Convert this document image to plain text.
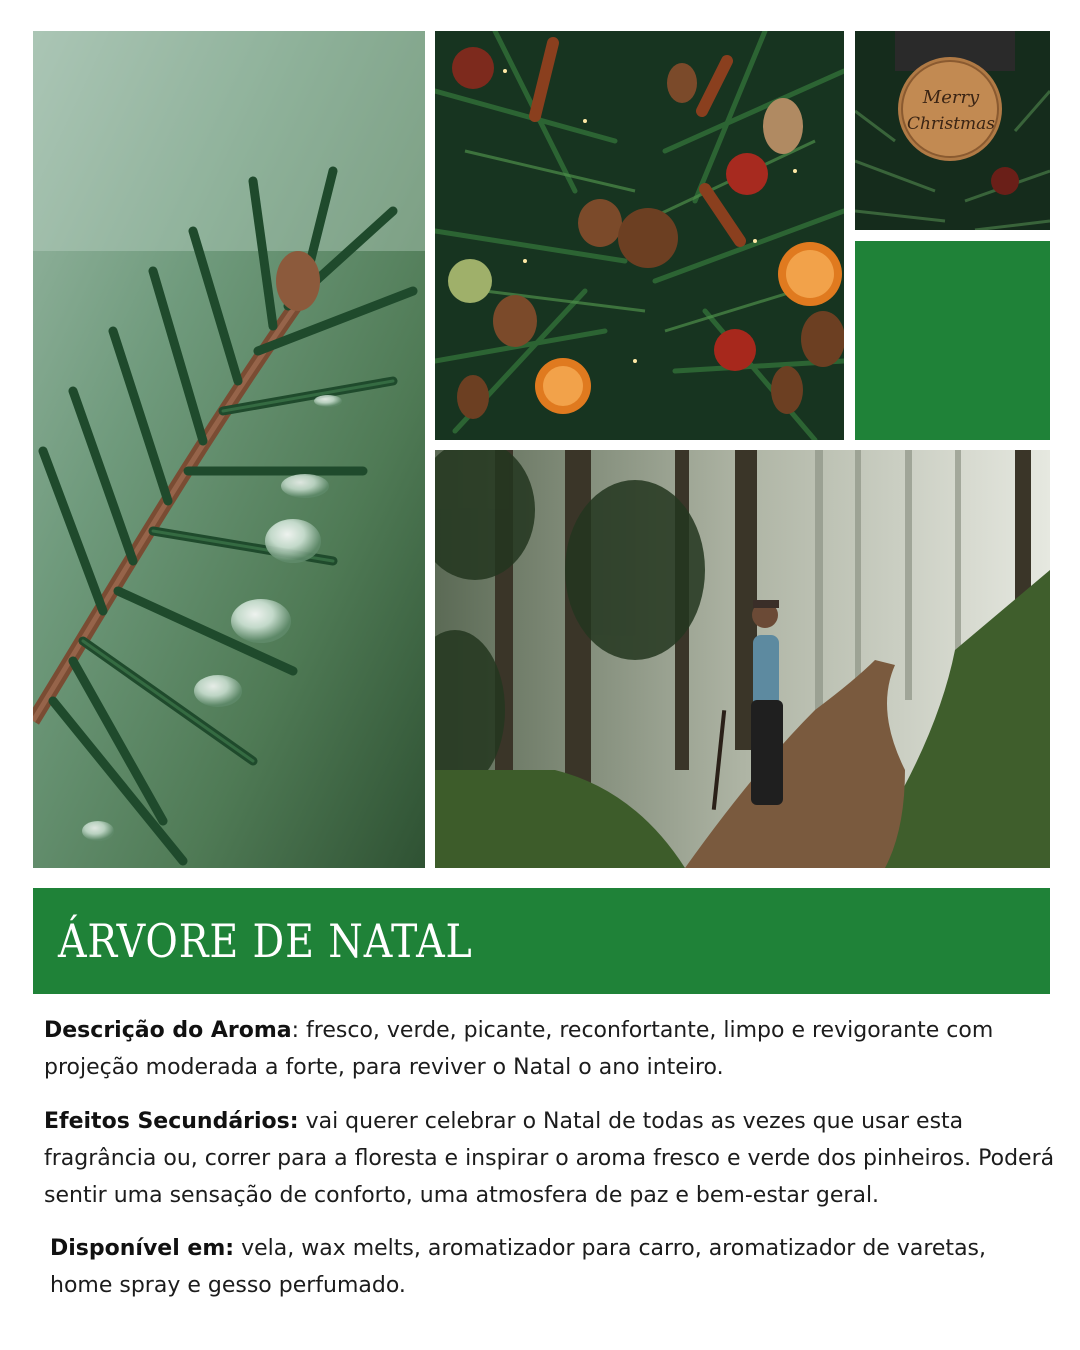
Merry
Christmas
ÁRVORE DE NATAL
Descrição do Aroma: fresco, verde, picante, reconfortante, limpo e revigorante com projeção moderada a forte, para reviver o Natal o ano inteiro.
Efeitos Secundários: vai querer celebrar o Natal de todas as vezes que usar esta fragrância ou, correr para a floresta e inspirar o aroma fresco e verde dos pinheiros. Poderá sentir uma sensação de conforto, uma atmosfera de paz e bem-estar geral.
Disponível em: vela, wax melts, aromatizador para carro, aromatizador de varetas, home spray e gesso perfumado.
